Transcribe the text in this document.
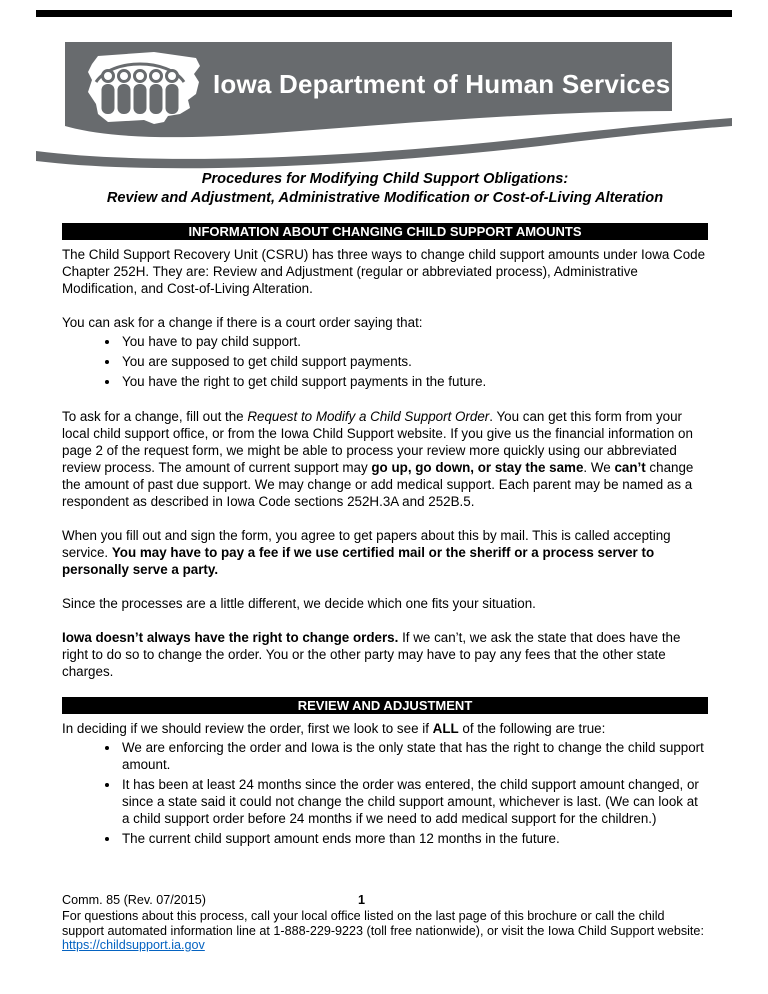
Iowa Department of Human Services
Procedures for Modifying Child Support Obligations:
Review and Adjustment, Administrative Modification or Cost-of-Living Alteration
INFORMATION ABOUT CHANGING CHILD SUPPORT AMOUNTS

The Child Support Recovery Unit (CSRU) has three ways to change child support amounts under Iowa Code Chapter 252H. They are: Review and Adjustment (regular or abbreviated process), Administrative Modification, and Cost-of-Living Alteration.

You can ask for a change if there is a court order saying that:

• You have to pay child support.
• You are supposed to get child support payments.
• You have the right to get child support payments in the future.

To ask for a change, fill out the Request to Modify a Child Support Order. You can get this form from your local child support office, or from the Iowa Child Support website. If you give us the financial information on page 2 of the request form, we might be able to process your review more quickly using our abbreviated review process. The amount of current support may go up, go down, or stay the same. We can’t change the amount of past due support. We may change or add medical support. Each parent may be named as a respondent as described in Iowa Code sections 252H.3A and 252B.5.

When you fill out and sign the form, you agree to get papers about this by mail. This is called accepting service. You may have to pay a fee if we use certified mail or the sheriff or a process server to personally serve a party.

Since the processes are a little different, we decide which one fits your situation.

Iowa doesn’t always have the right to change orders. If we can’t, we ask the state that does have the right to do so to change the order. You or the other party may have to pay any fees that the other state charges.

REVIEW AND ADJUSTMENT

In deciding if we should review the order, first we look to see if ALL of the following are true:

• We are enforcing the order and Iowa is the only state that has the right to change the child support amount.
• It has been at least 24 months since the order was entered, the child support amount changed, or since a state said it could not change the child support amount, whichever is last. (We can look at a child support order before 24 months if we need to add medical support for the children.)
• The current child support amount ends more than 12 months in the future.
Comm. 85 (Rev. 07/2015)	1

For questions about this process, call your local office listed on the last page of this brochure or call the child support automated information line at 1-888-229-9223 (toll free nationwide), or visit the Iowa Child Support website: https://childsupport.ia.gov
